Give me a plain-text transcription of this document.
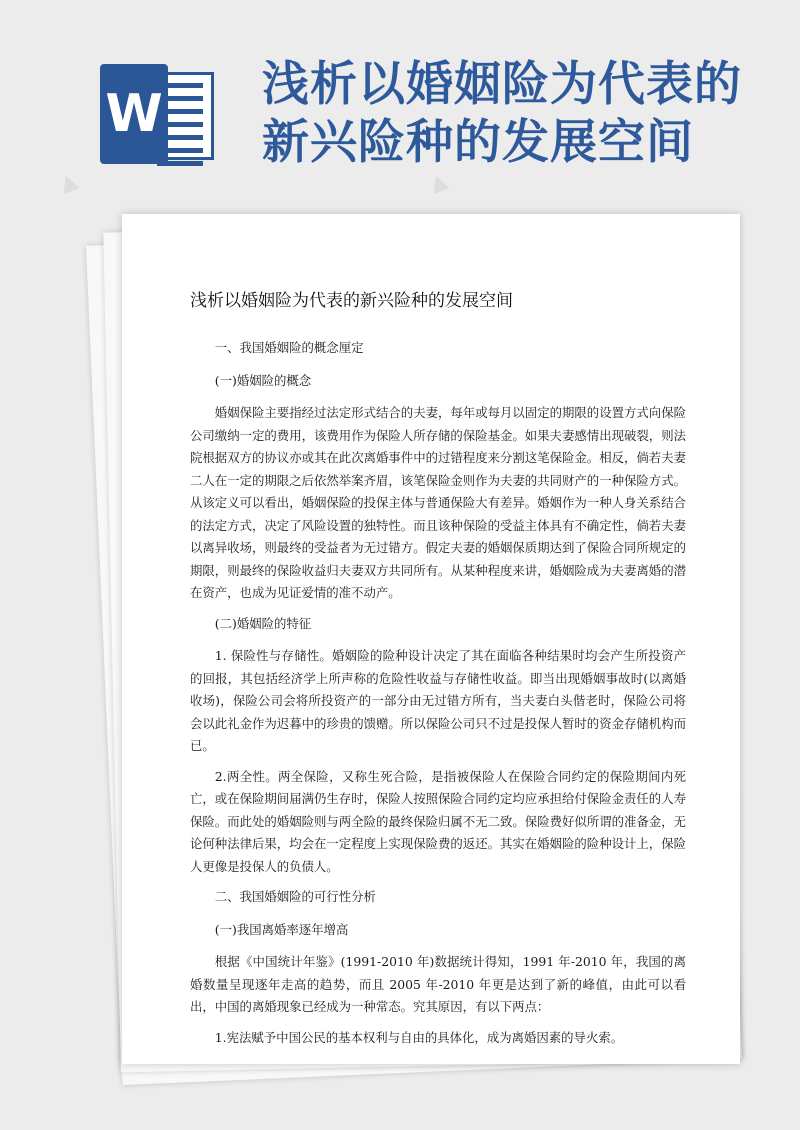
W 浅析以婚姻险为代表的新兴险种的发展空间
浅析以婚姻险为代表的新兴险种的发展空间

一、我国婚姻险的概念厘定

(一)婚姻险的概念

婚姻保险主要指经过法定形式结合的夫妻，每年或每月以固定的期限的设置方式向保险公司缴纳一定的费用，该费用作为保险人所存储的保险基金。如果夫妻感情出现破裂，则法院根据双方的协议亦或其在此次离婚事件中的过错程度来分割这笔保险金。相反，倘若夫妻二人在一定的期限之后依然举案齐眉，该笔保险金则作为夫妻的共同财产的一种保险方式。从该定义可以看出，婚姻保险的投保主体与普通保险大有差异。婚姻作为一种人身关系结合的法定方式，决定了风险设置的独特性。而且该种保险的受益主体具有不确定性，倘若夫妻以离异收场，则最终的受益者为无过错方。假定夫妻的婚姻保质期达到了保险合同所规定的期限，则最终的保险收益归夫妻双方共同所有。从某种程度来讲，婚姻险成为夫妻离婚的潜在资产，也成为见证爱情的准不动产。

(二)婚姻险的特征

1. 保险性与存储性。婚姻险的险种设计决定了其在面临各种结果时均会产生所投资产的回报，其包括经济学上所声称的危险性收益与存储性收益。即当出现婚姻事故时(以离婚收场)，保险公司会将所投资产的一部分由无过错方所有，当夫妻白头偕老时，保险公司将会以此礼金作为迟暮中的珍贵的馈赠。所以保险公司只不过是投保人暂时的资金存储机构而已。

2.两全性。两全保险，又称生死合险，是指被保险人在保险合同约定的保险期间内死亡，或在保险期间届满仍生存时，保险人按照保险合同约定均应承担给付保险金责任的人寿保险。而此处的婚姻险则与两全险的最终保险归属不无二致。保险费好似所谓的准备金，无论何种法律后果，均会在一定程度上实现保险费的返还。其实在婚姻险的险种设计上，保险人更像是投保人的负债人。

二、我国婚姻险的可行性分析

(一)我国离婚率逐年增高

根据《中国统计年鉴》(1991-2010 年)数据统计得知，1991 年-2010 年，我国的离婚数量呈现逐年走高的趋势，而且 2005 年-2010 年更是达到了新的峰值，由此可以看出，中国的离婚现象已经成为一种常态。究其原因，有以下两点：

1.宪法赋予中国公民的基本权利与自由的具体化，成为离婚因素的导火索。

▲	▲
